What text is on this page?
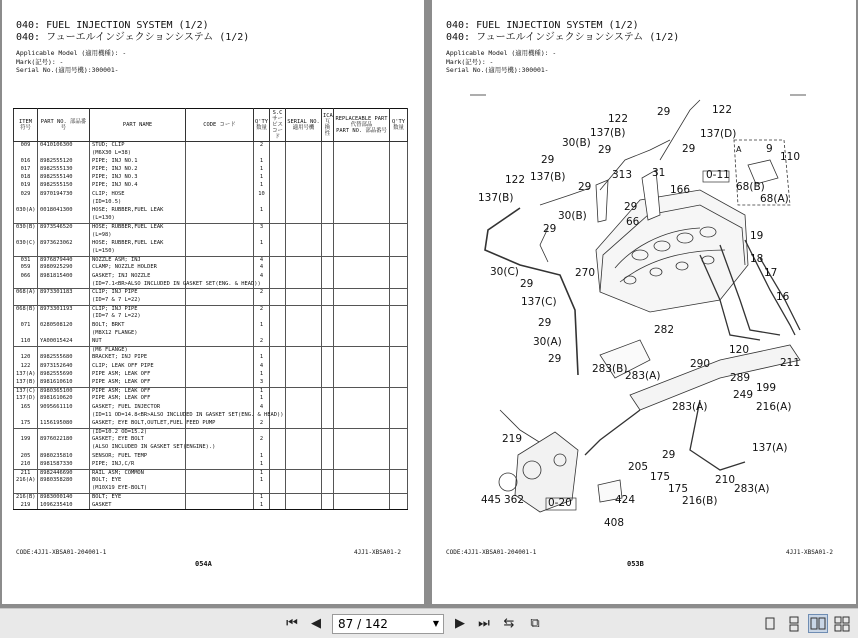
040: FUEL INJECTION SYSTEM (1/2)
040: フューエルインジェクションシステム (1/2)
Applicable Model (適用機種): -
Mark(記号): -
Serial No.(適用号機):300001-
ITEM 符号	PART NO. 部品番号	PART NAME	CODE コード	Q'TY 数量	S.C サービスコード	SERIAL NO. 適用号機	ICA 互換性	REPLACEABLE PART 代替部品
PART NO. 部品番号	Q'TY 数量
009	0410106300	STUD; CLIP		2					
		(M6X30 L=38)							
016	8982555120	PIPE; INJ NO.1		1					
017	8982555130	PIPE; INJ NO.2		1					
018	8982555140	PIPE; INJ NO.3		1					
019	8982555150	PIPE; INJ NO.4		1					
029	8970194730	CLIP; HOSE		10					
		(ID=10.5)							
030(A)	0018041300	HOSE; RUBBER,FUEL LEAK		1					
		(L=130)							
030(B)	8973546520	HOSE; RUBBER,FUEL LEAK		3					
		(L=98)							
030(C)	8973623062	HOSE; RUBBER,FUEL LEAK		1					
		(L=150)							
031	8976879440	NOZZLE ASM; INJ		4					
059	8980925290	CLAMP; NOZZLE HOLDER		4					
066	8981815400	GASKET; INJ NOZZLE		4					
		(ID=7.1<BR>ALSO INCLUDED IN GASKET SET(ENG. & HEAD))							
068(A)	8973301183	CLIP; INJ PIPE		2					
		(ID=7 & 7 L=22)							
068(B)	8973301193	CLIP; INJ PIPE		2					
		(ID=7 & 7 L=22)							
071	0280508120	BOLT; BRKT		1					
		(M8X12 FLANGE)							
110	YA00015424	NUT		2					
		(M6 FLANGE)							
120	8982555680	BRACKET; INJ PIPE		1					
122	8973152640	CLIP; LEAK OFF PIPE		4					
137(A)	8982555690	PIPE ASM; LEAK OFF		1					
137(B)	8981610610	PIPE ASM; LEAK OFF		3					
137(C)	8980365100	PIPE ASM; LEAK OFF		1					
137(D)	8981610620	PIPE ASM; LEAK OFF		1					
165	9095661110	GASKET; FUEL INJECTOR		4					
		(ID=11 OD=14.8<BR>ALSO INCLUDED IN GASKET SET(ENG. & HEAD))							
175	1156195080	GASKET; EYE BOLT,OUTLET,FUEL FEED PUMP		2					
		(ID=10.2 OD=15.2)							
199	8976022180	GASKET; EYE BOLT		2					
		(ALSO INCLUDED IN GASKET SET(ENGINE).)							
205	8980235810	SENSOR; FUEL TEMP		1					
210	8981587330	PIPE; INJ,C/R		1					
211	8982446690	RAIL ASM; COMMON		1					
216(A)	8980358280	BOLT; EYE		1					
		(M10X19 EYE-BOLT)							
216(B)	8983000140	BOLT; EYE		1					
219	1096235410	GASKET		1					
CODE:4JJ1-XBSA01-204001-1	4JJ1-XBSA01-2
054A
040: FUEL INJECTION SYSTEM (1/2)
040: フューエルインジェクションシステム (1/2)
Applicable Model (適用機種): -
Mark(記号): -
Serial No.(適用号機):300001-
122
29
122
137(B)	137(D)
30(B)
29	29
29
313 31
122 137(B)
29	166
0-11
137(B)
29
30(B)	66
29
9
110
68(B)
68(A)
19
30(C)
18
270
29
17
16
137(C)
29
282
30(A)
29
120
211
283(B)	290
283(A)	289
199
249
283(A)	216(A)
219
137(A)
29
205
175	210
175	283(A)
216(B)
445 362	424
0-20
408
A
CODE:4JJ1-XBSA01-204001-1	4JJ1-XBSA01-2
053B
⏮ ◀ 87 / 142	▼ ▶ ⏭ ⇆	⧉
